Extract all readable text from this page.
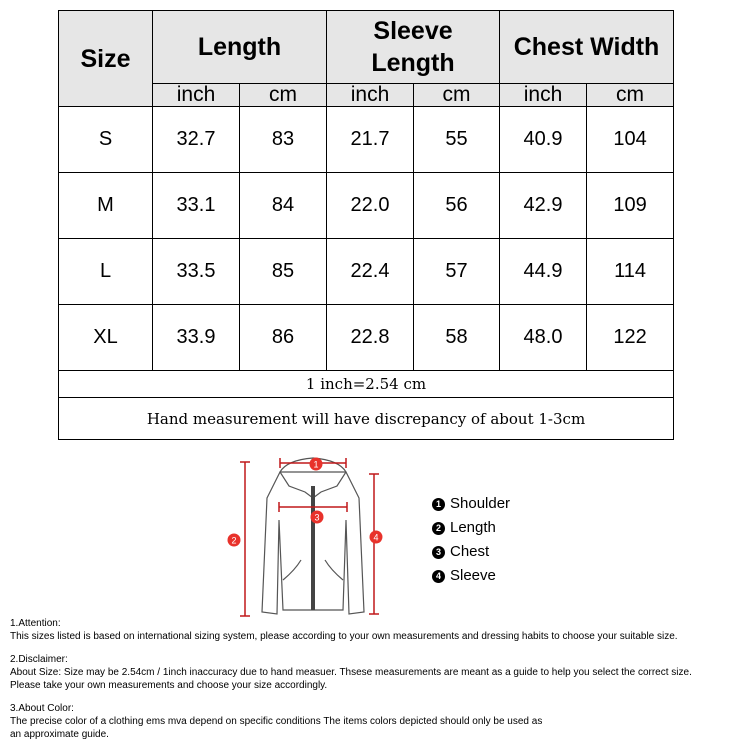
Size	Length		Sleeve Length		Chest Width	
	inch	cm	inch	cm	inch	cm
S	32.7	83	21.7	55	40.9	104
M	33.1	84	22.0	56	42.9	109
L	33.5	85	22.4	57	44.9	114
XL	33.9	86	22.8	58	48.0	122
1 inch=2.54 cm						
Hand measurement will have discrepancy of about 1-3cm						
1
2
3
4
1 Shoulder
2 Length
3 Chest
4 Sleeve

1.Attention:

This sizes listed is based on international sizing system, please according to your own measurements and dressing habits to choose your suitable size.

2.Disclaimer:

About Size: Size may be 2.54cm / 1inch inaccuracy due to hand measuer. Thsese measurements are meant as a guide to help you select the correct size.

Please take your own measurements and choose your size accordingly.

3.About Color:

The precise color of a clothing ems mva depend on specific conditions The items colors depicted should only be used as

an approximate guide.
